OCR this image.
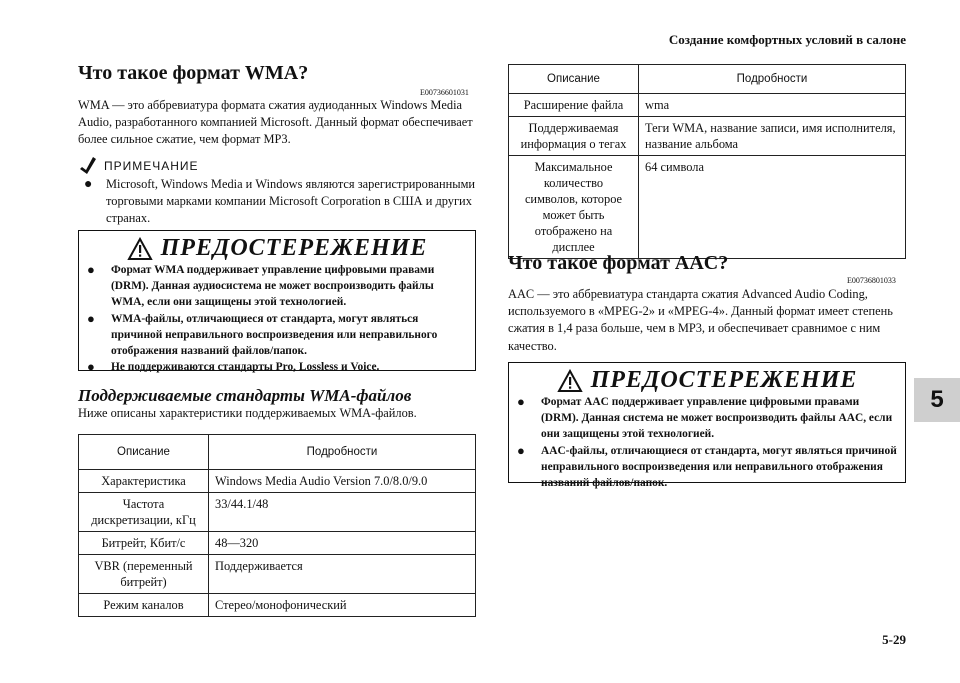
Создание комфортных условий в салоне
5-29
5
Что такое формат WMA?
E00736601031
WMA — это аббревиатура формата сжатия аудиоданных Windows Media Audio, разработанного компанией Microsoft. Данный формат обеспечивает более сильное сжатие, чем формат MP3.
ПРИМЕЧАНИЕ
●	Microsoft, Windows Media и Windows являются зарегистрированными торговыми марками компании Microsoft Corporation в США и других странах.
ПРЕДОСТЕРЕЖЕНИЕ
●	Формат WMA поддерживает управление цифровыми правами (DRM). Данная аудиосистема не может воспроизводить файлы WMA, если они защищены этой технологией.
●	WMA-файлы, отличающиеся от стандарта, могут являться причиной неправильного воспроизведения или неправильного отображения названий файлов/папок.
●	Не поддерживаются стандарты Pro, Lossless и Voice.
Поддерживаемые стандарты WMA-файлов
Ниже описаны характеристики поддерживаемых WMA-файлов.
Описание	Подробности
Характеристика	Windows Media Audio Version 7.0/8.0/9.0
Частота дискретизации, кГц	33/44.1/48
Битрейт, Кбит/с	48—320
VBR (переменный битрейт)	Поддерживается
Режим каналов	Стерео/монофонический
Описание	Подробности
Расширение файла	wma
Поддерживаемая информация о тегах	Теги WMA, название записи, имя исполнителя, название альбома
Максимальное количество символов, которое может быть отображено на дисплее	64 символа
Что такое формат AAC?
E00736801033
AAC — это аббревиатура стандарта сжатия Advanced Audio Coding, используемого в «MPEG-2» и «MPEG-4». Данный формат имеет степень сжатия в 1,4 раза больше, чем в MP3, и обеспечивает сравнимое с ним качество.
ПРЕДОСТЕРЕЖЕНИЕ
●	Формат AAC поддерживает управление цифровыми правами (DRM). Данная система не может воспроизводить файлы AAC, если они защищены этой технологией.
●	AAC-файлы, отличающиеся от стандарта, могут являться причиной неправильного воспроизведения или неправильного отображения названий файлов/папок.
